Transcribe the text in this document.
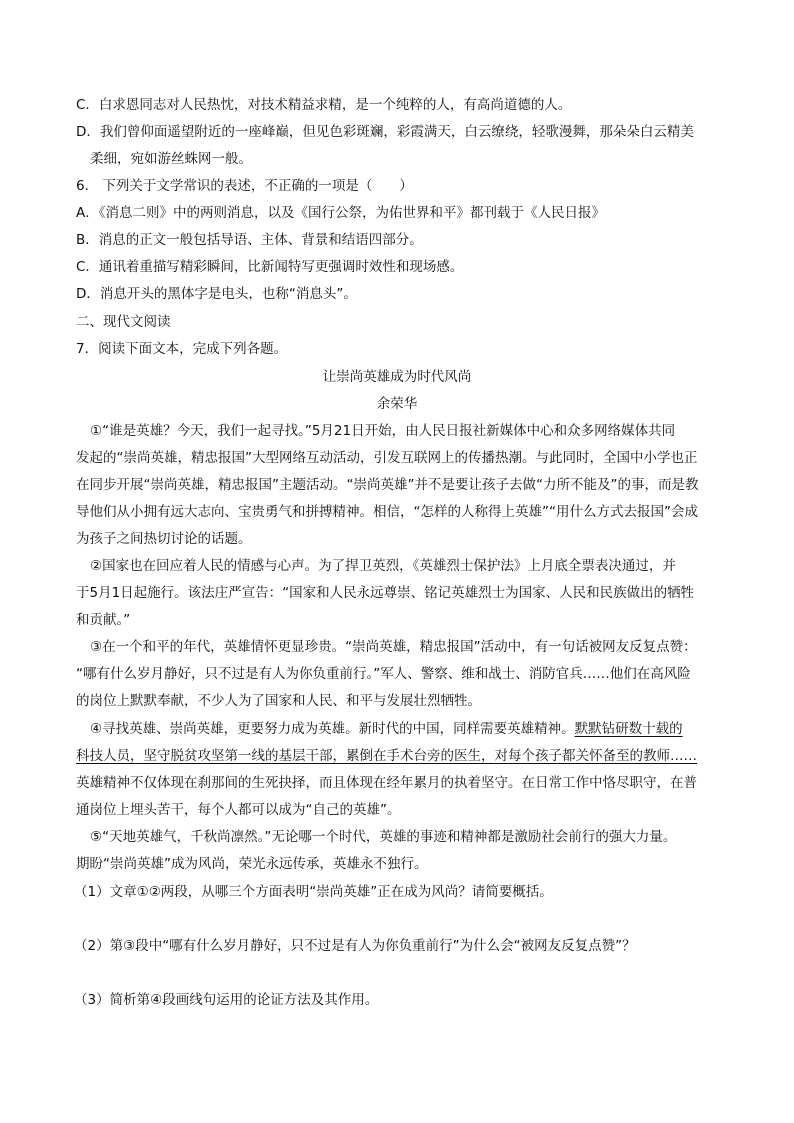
C．白求恩同志对人民热忱，对技术精益求精，是一个纯粹的人，有高尚道德的人。
D．我们曾仰面遥望附近的一座峰巅，但见色彩斑斓，彩霞满天，白云缭绕，轻歌漫舞，那朵朵白云精美
柔细，宛如游丝蛛网一般。
6． 下列关于文学常识的表述，不正确的一项是（　　）
A．《消息二则》中的两则消息，以及《国行公祭，为佑世界和平》都刊载于《人民日报》
B．消息的正文一般包括导语、主体、背景和结语四部分。
C．通讯着重描写精彩瞬间，比新闻特写更强调时效性和现场感。
D．消息开头的黑体字是电头，也称“消息头”。
二、现代文阅读
7．阅读下面文本，完成下列各题。
让崇尚英雄成为时代风尚
余荣华
①“谁是英雄？今天，我们一起寻找。”5月21日开始，由人民日报社新媒体中心和众多网络媒体共同
发起的“崇尚英雄，精忠报国”大型网络互动活动，引发互联网上的传播热潮。与此同时，全国中小学也正
在同步开展“崇尚英雄，精忠报国”主题活动。“崇尚英雄”并不是要让孩子去做“力所不能及”的事，而是教
导他们从小拥有远大志向、宝贵勇气和拼搏精神。相信，“怎样的人称得上英雄”“用什么方式去报国”会成
为孩子之间热切讨论的话题。
②国家也在回应着人民的情感与心声。为了捍卫英烈，《英雄烈士保护法》上月底全票表决通过，并
于5月1日起施行。该法庄严宣告：“国家和人民永远尊崇、铭记英雄烈士为国家、人民和民族做出的牺牲
和贡献。”
③在一个和平的年代，英雄情怀更显珍贵。“崇尚英雄，精忠报国”活动中，有一句话被网友反复点赞：
“哪有什么岁月静好，只不过是有人为你负重前行。”军人、警察、维和战士、消防官兵……他们在高风险
的岗位上默默奉献，不少人为了国家和人民、和平与发展壮烈牺牲。
④寻找英雄、崇尚英雄，更要努力成为英雄。新时代的中国，同样需要英雄精神。默默钻研数十载的
科技人员，坚守脱贫攻坚第一线的基层干部，累倒在手术台旁的医生，对每个孩子都关怀备至的教师……
英雄精神不仅体现在刹那间的生死抉择，而且体现在经年累月的执着坚守。在日常工作中恪尽职守，在普
通岗位上埋头苦干，每个人都可以成为“自己的英雄”。
⑤“天地英雄气，千秋尚凛然。”无论哪一个时代，英雄的事迹和精神都是激励社会前行的强大力量。
期盼“崇尚英雄”成为风尚，荣光永远传承，英雄永不独行。
（1）文章①②两段，从哪三个方面表明“崇尚英雄”正在成为风尚？请简要概括。
（2）第③段中“哪有什么岁月静好，只不过是有人为你负重前行”为什么会“被网友反复点赞”？
（3）简析第④段画线句运用的论证方法及其作用。
